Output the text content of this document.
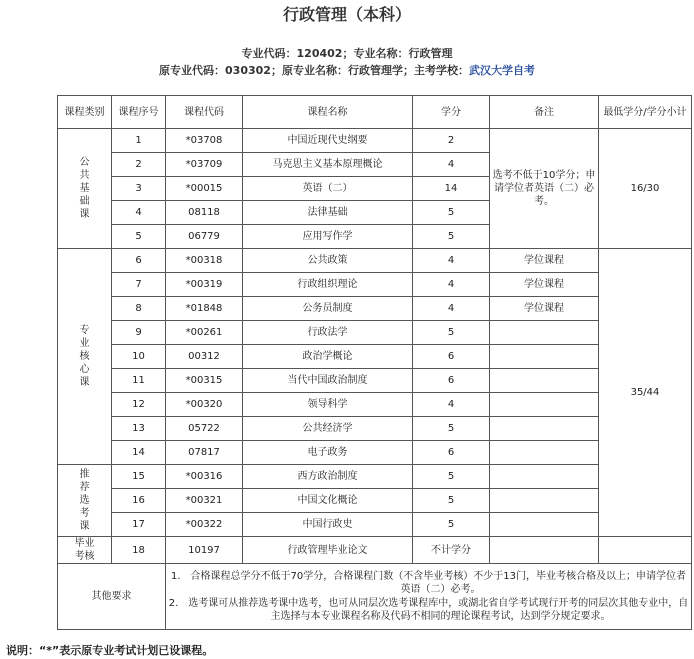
行政管理（本科）
专业代码：120402；专业名称：行政管理
原专业代码：030302；原专业名称：行政管理学；主考学校：武汉大学自考
课程类别	课程序号	课程代码	课程名称	学分	备注	最低学分/学分小计

公
共
基
础
课	1	*03708	中国近现代史纲要	2	选考不低于10学分；申请学位者英语（二）必考。	16/30
	2	*03709	马克思主义基本原理概论	4		
	3	*00015	英语（二）	14		
	4	08118	法律基础	5		
	5	06779	应用写作学	5		

专
业
核
心
课	6	*00318	公共政策	4	学位课程	35/44
	7	*00319	行政组织理论	4	学位课程	
	8	*01848	公务员制度	4	学位课程	
	9	*00261	行政法学	5		
	10	00312	政治学概论	6		
	11	*00315	当代中国政治制度	6		
	12	*00320	领导科学	4		
	13	05722	公共经济学	5		
	14	07817	电子政务	6		

推
荐
选
考
课	15	*00316	西方政治制度	5		
	16	*00321	中国文化概论	5		
	17	*00322	中国行政史	5		

毕业
考核	18	10197	行政管理毕业论文	不计学分		
其他要求		1.　合格课程总学分不低于70学分，合格课程门数（不含毕业考核）不少于13门，毕业考核合格及以上；申请学位者英语（二）必考。
2.　选考课可从推荐选考课中选考，也可从同层次选考课程库中，或湖北省自学考试现行开考的同层次其他专业中，自主选择与本专业课程名称及代码不相同的理论课程考试，达到学分规定要求。				
说明：“*”表示原专业考试计划已设课程。
